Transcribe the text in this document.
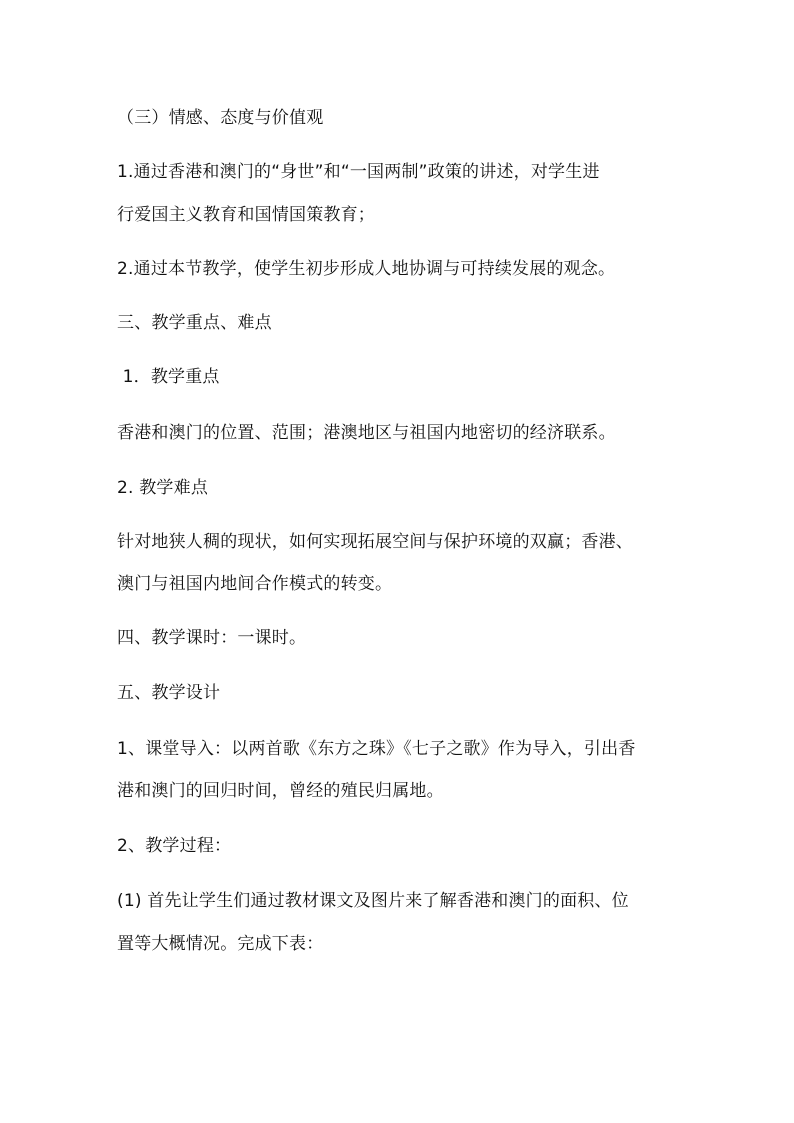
（三）情感、态度与价值观
1.通过香港和澳门的“身世”和“一国两制”政策的讲述，对学生进
行爱国主义教育和国情国策教育；
2.通过本节教学，使学生初步形成人地协调与可持续发展的观念。
三、教学重点、难点
1．教学重点
香港和澳门的位置、范围；港澳地区与祖国内地密切的经济联系。
2. 教学难点
针对地狭人稠的现状，如何实现拓展空间与保护环境的双赢；香港、
澳门与祖国内地间合作模式的转变。
四、教学课时：一课时。
五、教学设计
1、课堂导入：以两首歌《东方之珠》《七子之歌》作为导入，引出香
港和澳门的回归时间，曾经的殖民归属地。
2、教学过程：
(1) 首先让学生们通过教材课文及图片来了解香港和澳门的面积、位
置等大概情况。完成下表：
